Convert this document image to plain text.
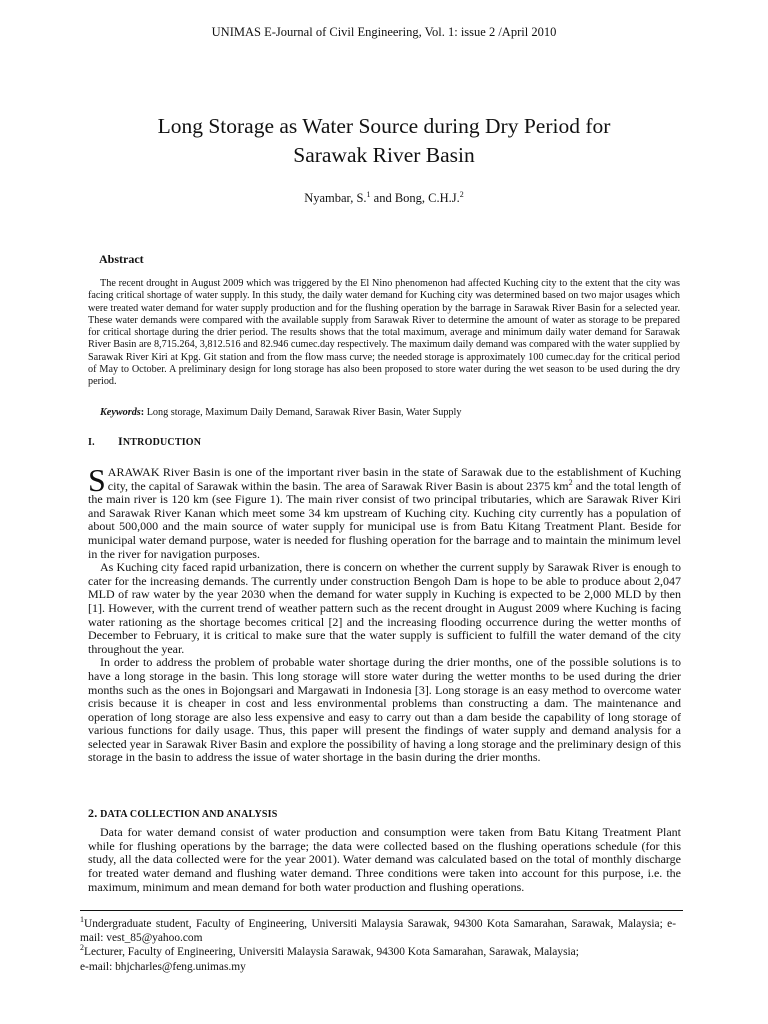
UNIMAS E-Journal of Civil Engineering, Vol. 1: issue 2 /April 2010
Long Storage as Water Source during Dry Period for
Sarawak River Basin
Nyambar, S.$^1$ and Bong, C.H.J.$^2$
Abstract

The recent drought in August 2009 which was triggered by the El Nino phenomenon had affected Kuching city to the extent that the city was facing critical shortage of water supply. In this study, the daily water demand for Kuching city was determined based on two major usages which were treated water demand for water supply production and for the flushing operation by the barrage in Sarawak River Basin for a selected year. These water demands were compared with the available supply from Sarawak River to determine the amount of water as storage to be prepared for critical shortage during the drier period. The results shows that the total maximum, average and minimum daily water demand for Sarawak River Basin are 8,715.264, 3,812.516 and 82.946 cumec.day respectively. The maximum daily demand was compared with the water supplied by Sarawak River Kiri at Kpg. Git station and from the flow mass curve; the needed storage is approximately 100 cumec.day for the critical period of May to October. A preliminary design for long storage has also been proposed to store water during the wet season to be used during the dry period.

Keywords: Long storage, Maximum Daily Demand, Sarawak River Basin, Water Supply

I. INTRODUCTION

SARAWAK River Basin is one of the important river basin in the state of Sarawak due to the establishment of Kuching city, the capital of Sarawak within the basin. The area of Sarawak River Basin is about 2375 $km^2$ and the total length of the main river is 120 km (see Figure 1). The main river consist of two principal tributaries, which are Sarawak River Kiri and Sarawak River Kanan which meet some 34 km upstream of Kuching city. Kuching city currently has a population of about 500,000 and the main source of water supply for municipal use is from Batu Kitang Treatment Plant. Beside for municipal water demand purpose, water is needed for flushing operation for the barrage and to maintain the minimum level in the river for navigation purposes.

As Kuching city faced rapid urbanization, there is concern on whether the current supply by Sarawak River is enough to cater for the increasing demands. The currently under construction Bengoh Dam is hope to be able to produce about 2,047 MLD of raw water by the year 2030 when the demand for water supply in Kuching is expected to be 2,000 MLD by then [1]. However, with the current trend of weather pattern such as the recent drought in August 2009 where Kuching is facing water rationing as the shortage becomes critical [2] and the increasing flooding occurrence during the wetter months of December to February, it is critical to make sure that the water supply is sufficient to fulfill the water demand of the city throughout the year.

In order to address the problem of probable water shortage during the drier months, one of the possible solutions is to have a long storage in the basin. This long storage will store water during the wetter months to be used during the drier months such as the ones in Bojongsari and Margawati in Indonesia [3]. Long storage is an easy method to overcome water crisis because it is cheaper in cost and less environmental problems than constructing a dam. The maintenance and operation of long storage are also less expensive and easy to carry out than a dam beside the capability of long storage of various functions for daily usage. Thus, this paper will present the findings of water supply and demand analysis for a selected year in Sarawak River Basin and explore the possibility of having a long storage and the preliminary design of this storage in the basin to address the issue of water shortage in the basin during the drier months.

2. DATA COLLECTION AND ANALYSIS

Data for water demand consist of water production and consumption were taken from Batu Kitang Treatment Plant while for flushing operations by the barrage; the data were collected based on the flushing operations schedule (for this study, all the data collected were for the year 2001). Water demand was calculated based on the total of monthly discharge for treated water demand and flushing water demand. Three conditions were taken into account for this purpose, i.e. the maximum, minimum and mean demand for both water production and flushing operations.

$^1$Undergraduate student, Faculty of Engineering, Universiti Malaysia Sarawak, 94300 Kota Samarahan, Sarawak, Malaysia; e-mail: vest_85@yahoo.com

$^2$Lecturer, Faculty of Engineering, Universiti Malaysia Sarawak, 94300 Kota Samarahan, Sarawak, Malaysia;

e-mail: bhjcharles@feng.unimas.my
